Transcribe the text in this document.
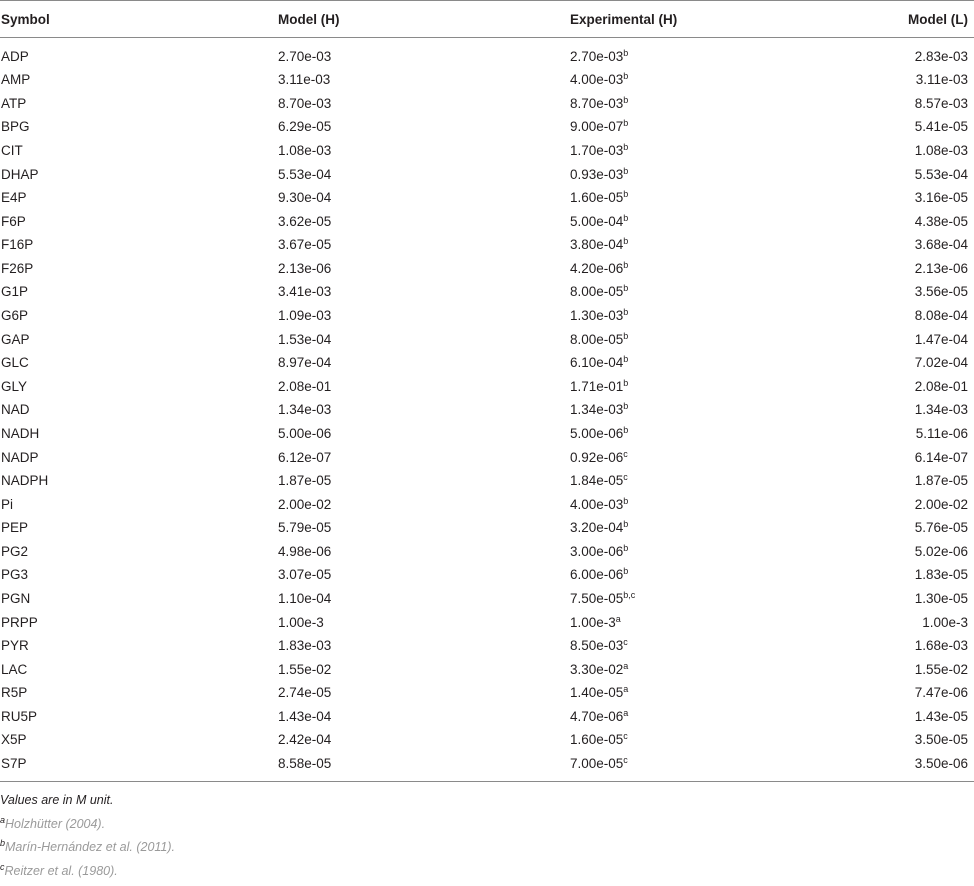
Symbol	Model (H)	Experimental (H)	Model (L)
ADP	2.70e-03	2.70e-03$^b$	2.83e-03
AMP	3.11e-03	4.00e-03$^b$	3.11e-03
ATP	8.70e-03	8.70e-03$^b$	8.57e-03
BPG	6.29e-05	9.00e-07$^b$	5.41e-05
CIT	1.08e-03	1.70e-03$^b$	1.08e-03
DHAP	5.53e-04	0.93e-03$^b$	5.53e-04
E4P	9.30e-04	1.60e-05$^b$	3.16e-05
F6P	3.62e-05	5.00e-04$^b$	4.38e-05
F16P	3.67e-05	3.80e-04$^b$	3.68e-04
F26P	2.13e-06	4.20e-06$^b$	2.13e-06
G1P	3.41e-03	8.00e-05$^b$	3.56e-05
G6P	1.09e-03	1.30e-03$^b$	8.08e-04
GAP	1.53e-04	8.00e-05$^b$	1.47e-04
GLC	8.97e-04	6.10e-04$^b$	7.02e-04
GLY	2.08e-01	1.71e-01$^b$	2.08e-01
NAD	1.34e-03	1.34e-03$^b$	1.34e-03
NADH	5.00e-06	5.00e-06$^b$	5.11e-06
NADP	6.12e-07	0.92e-06$^c$	6.14e-07
NADPH	1.87e-05	1.84e-05$^c$	1.87e-05
Pi	2.00e-02	4.00e-03$^b$	2.00e-02
PEP	5.79e-05	3.20e-04$^b$	5.76e-05
PG2	4.98e-06	3.00e-06$^b$	5.02e-06
PG3	3.07e-05	6.00e-06$^b$	1.83e-05
PGN	1.10e-04	7.50e-05$^{b,c}$	1.30e-05
PRPP	1.00e-3	1.00e-3$^a$	1.00e-3
PYR	1.83e-03	8.50e-03$^c$	1.68e-03
LAC	1.55e-02	3.30e-02$^a$	1.55e-02
R5P	2.74e-05	1.40e-05$^a$	7.47e-06
RU5P	1.43e-04	4.70e-06$^a$	1.43e-05
X5P	2.42e-04	1.60e-05$^c$	3.50e-05
S7P	8.58e-05	7.00e-05$^c$	3.50e-06
Values are in M unit.
$^a$Holzhütter (2004).
$^b$Marín-Hernández et al. (2011).
$^c$Reitzer et al. (1980).
